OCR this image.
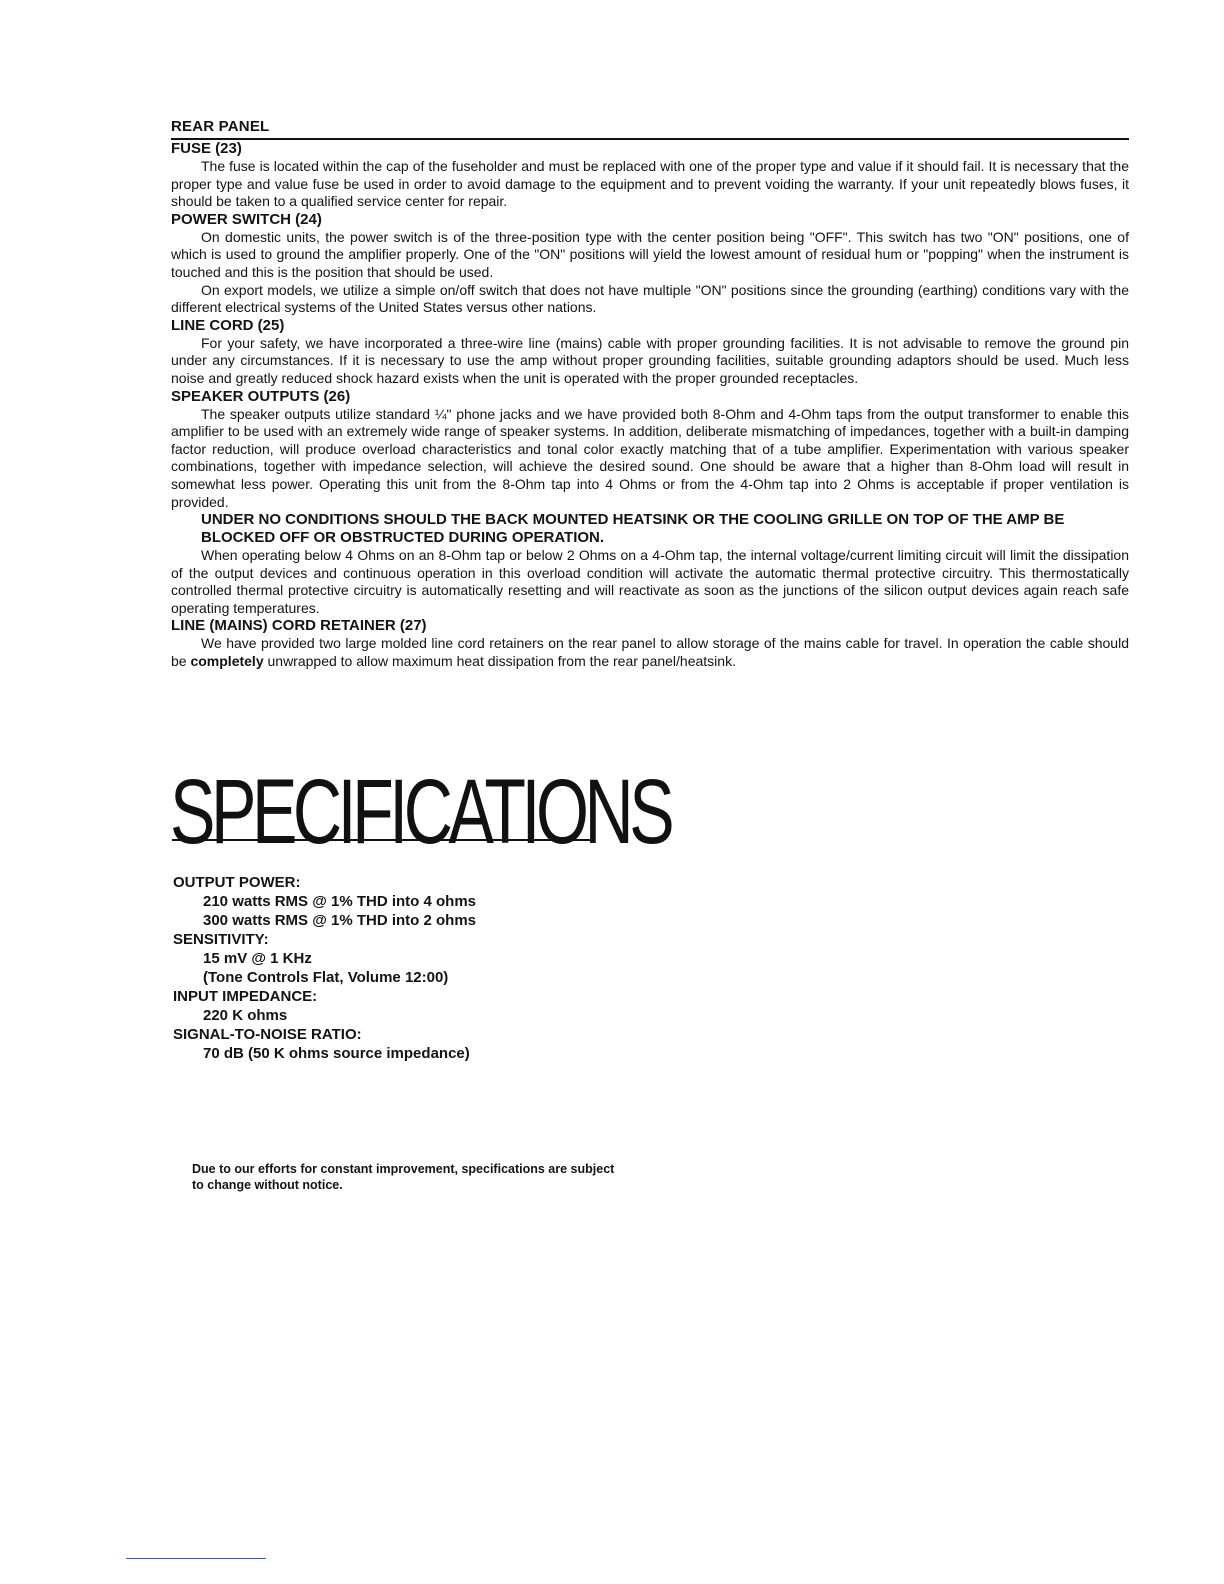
REAR PANEL
FUSE (23)

The fuse is located within the cap of the fuseholder and must be replaced with one of the proper type and value if it should fail. It is necessary that the proper type and value fuse be used in order to avoid damage to the equipment and to prevent voiding the warranty. If your unit repeatedly blows fuses, it should be taken to a qualified service center for repair.

POWER SWITCH (24)

On domestic units, the power switch is of the three-position type with the center position being "OFF". This switch has two "ON" positions, one of which is used to ground the amplifier properly. One of the "ON" positions will yield the lowest amount of residual hum or "popping" when the instrument is touched and this is the position that should be used.

On export models, we utilize a simple on/off switch that does not have multiple "ON" positions since the grounding (earthing) conditions vary with the different electrical systems of the United States versus other nations.

LINE CORD (25)

For your safety, we have incorporated a three-wire line (mains) cable with proper grounding facilities. It is not advisable to remove the ground pin under any circumstances. If it is necessary to use the amp without proper grounding facilities, suitable grounding adaptors should be used. Much less noise and greatly reduced shock hazard exists when the unit is operated with the proper grounded receptacles.

SPEAKER OUTPUTS (26)

The speaker outputs utilize standard ¼" phone jacks and we have provided both 8-Ohm and 4-Ohm taps from the output transformer to enable this amplifier to be used with an extremely wide range of speaker systems. In addition, deliberate mismatching of impedances, together with a built-in damping factor reduction, will produce overload characteristics and tonal color exactly matching that of a tube amplifier. Experimentation with various speaker combinations, together with impedance selection, will achieve the desired sound. One should be aware that a higher than 8-Ohm load will result in somewhat less power. Operating this unit from the 8-Ohm tap into 4 Ohms or from the 4-Ohm tap into 2 Ohms is acceptable if proper ventilation is provided.

UNDER NO CONDITIONS SHOULD THE BACK MOUNTED HEATSINK OR THE COOLING GRILLE ON TOP OF THE AMP BE BLOCKED OFF OR OBSTRUCTED DURING OPERATION.

When operating below 4 Ohms on an 8-Ohm tap or below 2 Ohms on a 4-Ohm tap, the internal voltage/current limiting circuit will limit the dissipation of the output devices and continuous operation in this overload condition will activate the automatic thermal protective circuitry. This thermostatically controlled thermal protective circuitry is automatically resetting and will reactivate as soon as the junctions of the silicon output devices again reach safe operating temperatures.

LINE (MAINS) CORD RETAINER (27)

We have provided two large molded line cord retainers on the rear panel to allow storage of the mains cable for travel. In operation the cable should be completely unwrapped to allow maximum heat dissipation from the rear panel/heatsink.

SPECIFICATIONS
OUTPUT POWER:
210 watts RMS @ 1% THD into 4 ohms
300 watts RMS @ 1% THD into 2 ohms
SENSITIVITY:
15 mV @ 1 KHz
(Tone Controls Flat, Volume 12:00)
INPUT IMPEDANCE:
220 K ohms
SIGNAL-TO-NOISE RATIO:
70 dB (50 K ohms source impedance)
Due to our efforts for constant improvement, specifications are subject
to change without notice.
